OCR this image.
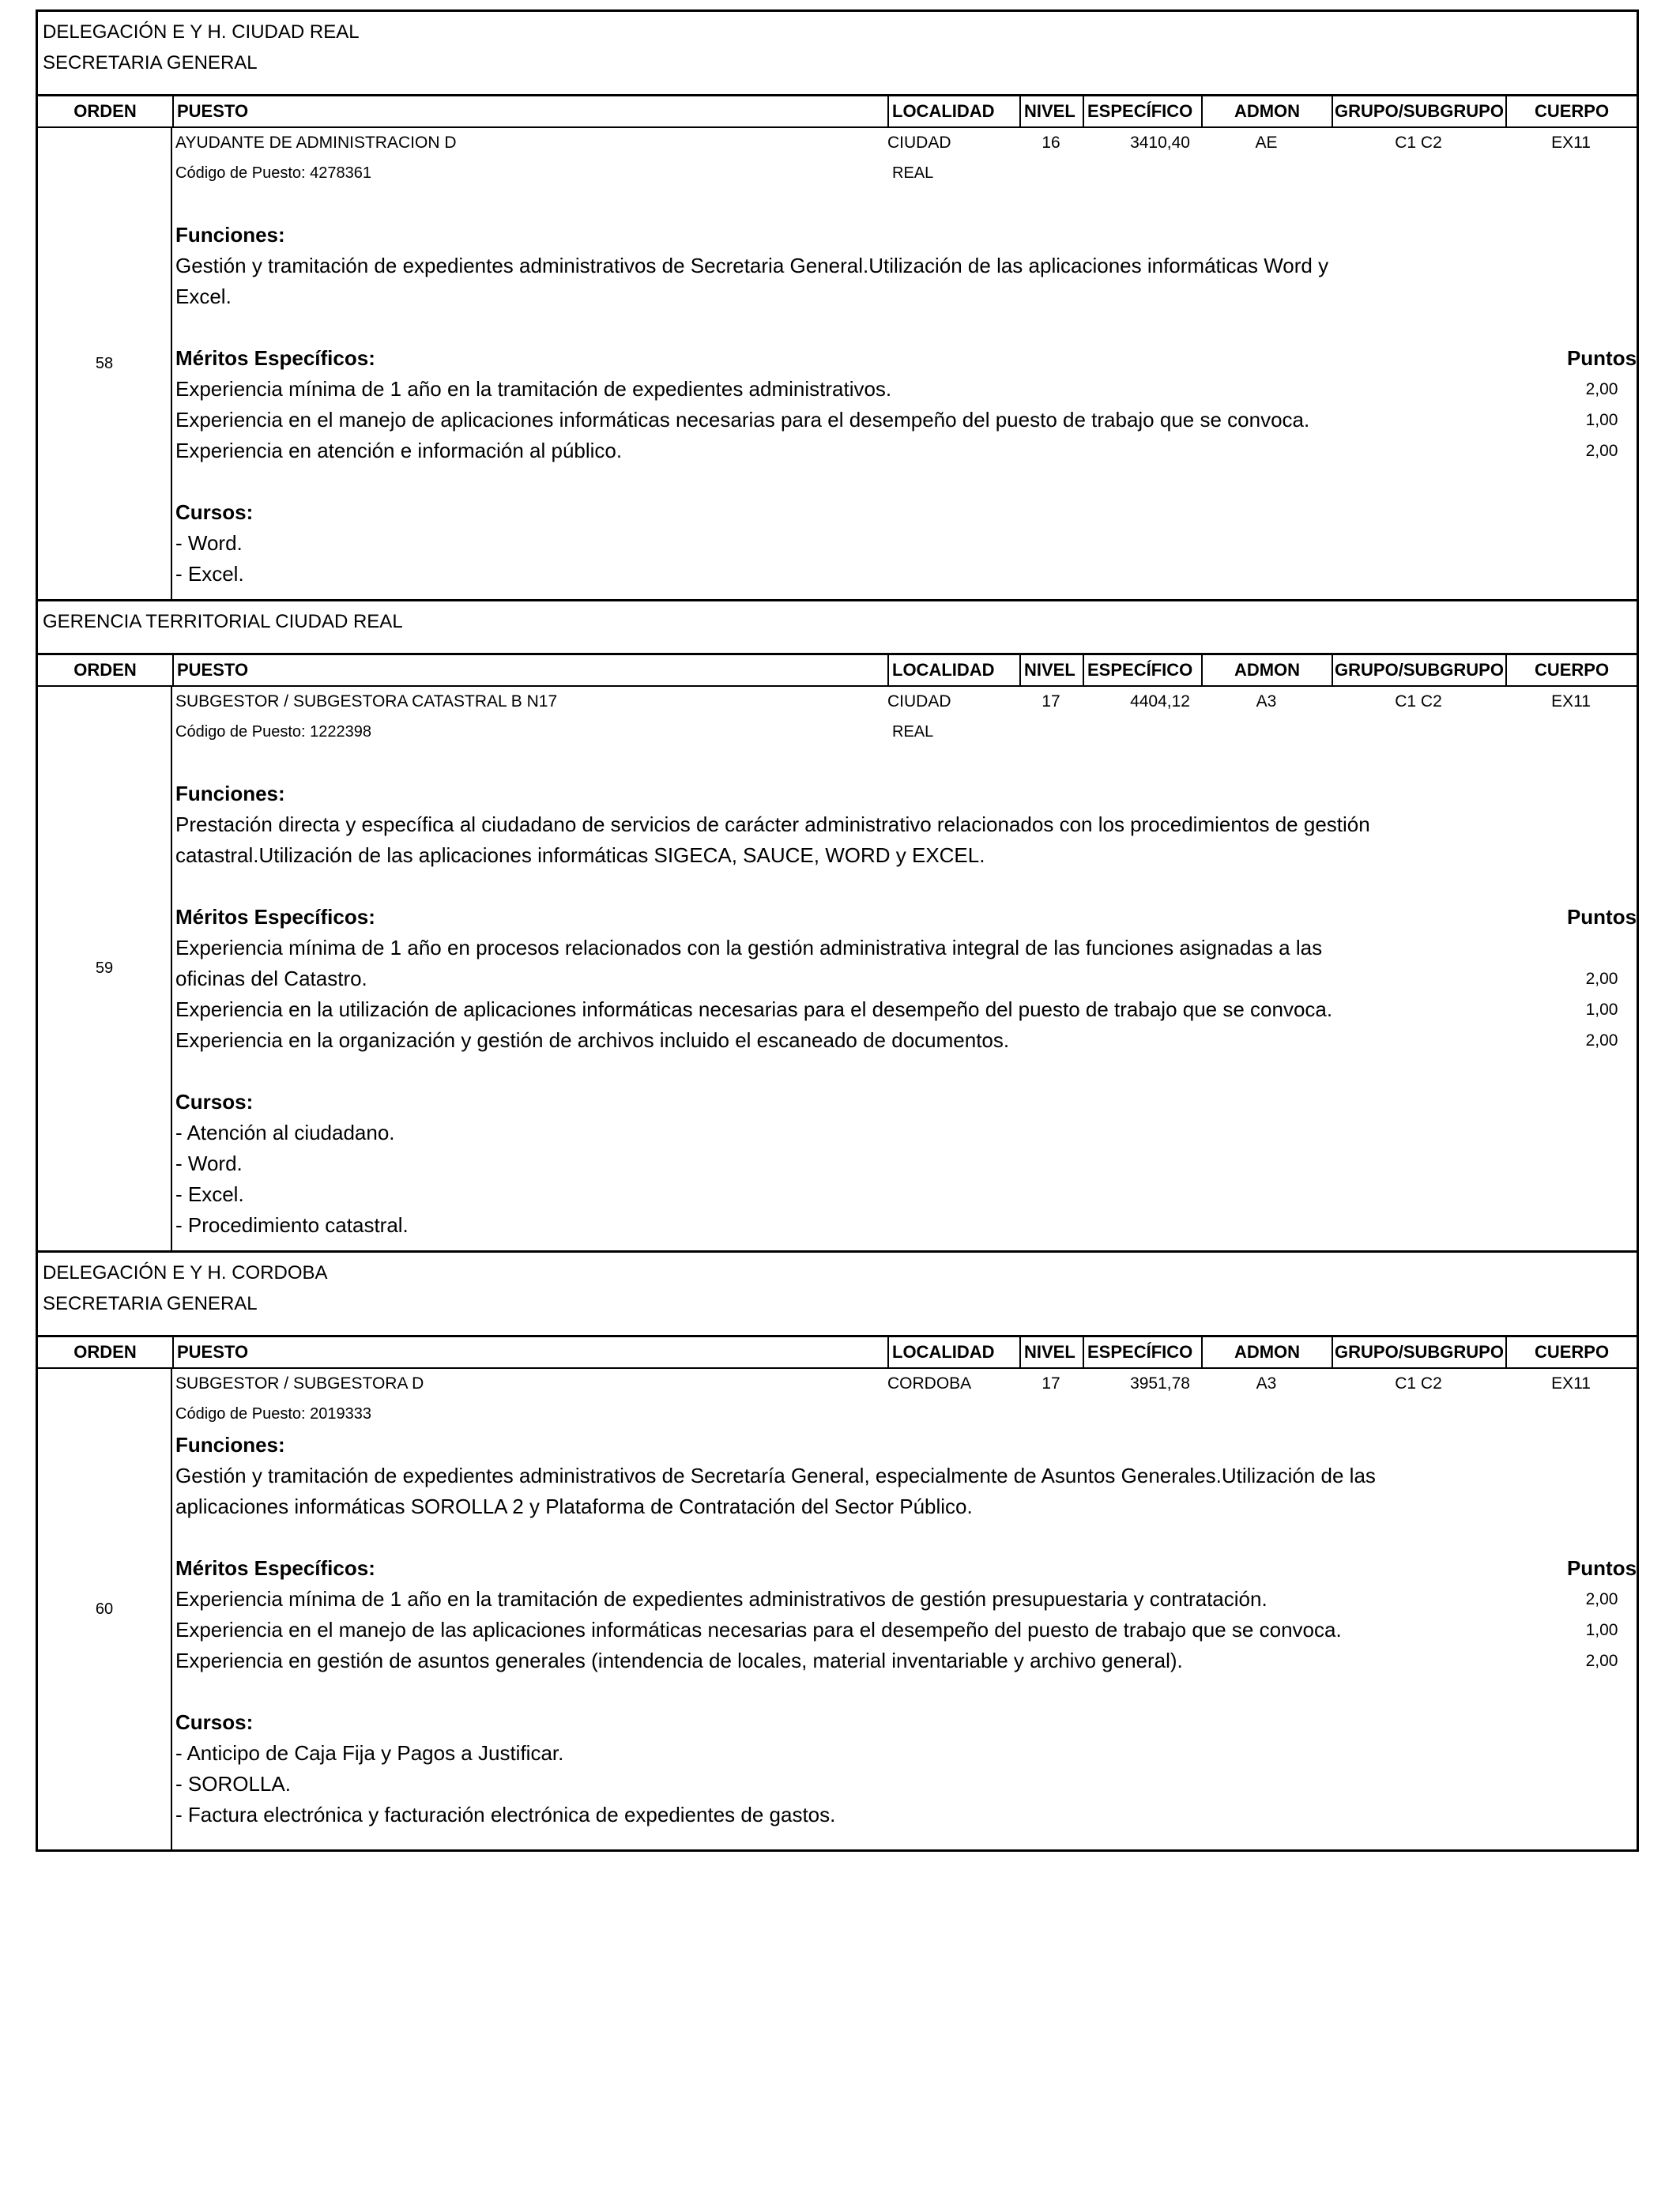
DELEGACIÓN E Y H. CIUDAD REAL
SECRETARIA GENERAL
ORDEN	PUESTO	LOCALIDAD	NIVEL ESPECÍFICO	ADMON	GRUPO/SUBGRUPO	CUERPO
58
AYUDANTE DE ADMINISTRACION D	CIUDAD	16	3410,40	AE	C1 C2	EX11
Código de Puesto: 4278361	REAL
Funciones:
Gestión y tramitación de expedientes administrativos de Secretaria General.Utilización de las aplicaciones informáticas Word y Excel.
Méritos Específicos:	Puntos
Experiencia mínima de 1 año en la tramitación de expedientes administrativos.	2,00
Experiencia en el manejo de aplicaciones informáticas necesarias para el desempeño del puesto de trabajo que se convoca.	1,00
Experiencia en atención e información al público.	2,00
Cursos:
- Word.
- Excel.
GERENCIA TERRITORIAL CIUDAD REAL
ORDEN	PUESTO	LOCALIDAD	NIVEL ESPECÍFICO	ADMON	GRUPO/SUBGRUPO	CUERPO
59
SUBGESTOR / SUBGESTORA CATASTRAL B N17	CIUDAD	17	4404,12	A3	C1 C2	EX11
Código de Puesto: 1222398	REAL
Funciones:
Prestación directa y específica al ciudadano de servicios de carácter administrativo relacionados con los procedimientos de gestión catastral.Utilización de las aplicaciones informáticas SIGECA, SAUCE, WORD y EXCEL.
Méritos Específicos:	Puntos
Experiencia mínima de 1 año en procesos relacionados con la gestión administrativa integral de las funciones asignadas a las oficinas del Catastro.	2,00
Experiencia en la utilización de aplicaciones informáticas necesarias para el desempeño del puesto de trabajo que se convoca.	1,00
Experiencia en la organización y gestión de archivos incluido el escaneado de documentos.	2,00
Cursos:
- Atención al ciudadano.
- Word.
- Excel.
- Procedimiento catastral.
DELEGACIÓN E Y H. CORDOBA
SECRETARIA GENERAL
ORDEN	PUESTO	LOCALIDAD	NIVEL ESPECÍFICO	ADMON	GRUPO/SUBGRUPO	CUERPO
60
SUBGESTOR / SUBGESTORA D	CORDOBA	17	3951,78	A3	C1 C2	EX11
Código de Puesto: 2019333
Funciones:
Gestión y tramitación de expedientes administrativos de Secretaría General, especialmente de Asuntos Generales.Utilización de las aplicaciones informáticas SOROLLA 2 y Plataforma de Contratación del Sector Público.
Méritos Específicos:	Puntos
Experiencia mínima de 1 año en la tramitación de expedientes administrativos de gestión presupuestaria y contratación.	2,00
Experiencia en el manejo de las aplicaciones informáticas necesarias para el desempeño del puesto de trabajo que se convoca.	1,00
Experiencia en gestión de asuntos generales (intendencia de locales, material inventariable y archivo general).	2,00
Cursos:
- Anticipo de Caja Fija y Pagos a Justificar.
- SOROLLA.
- Factura electrónica y facturación electrónica de expedientes de gastos.
